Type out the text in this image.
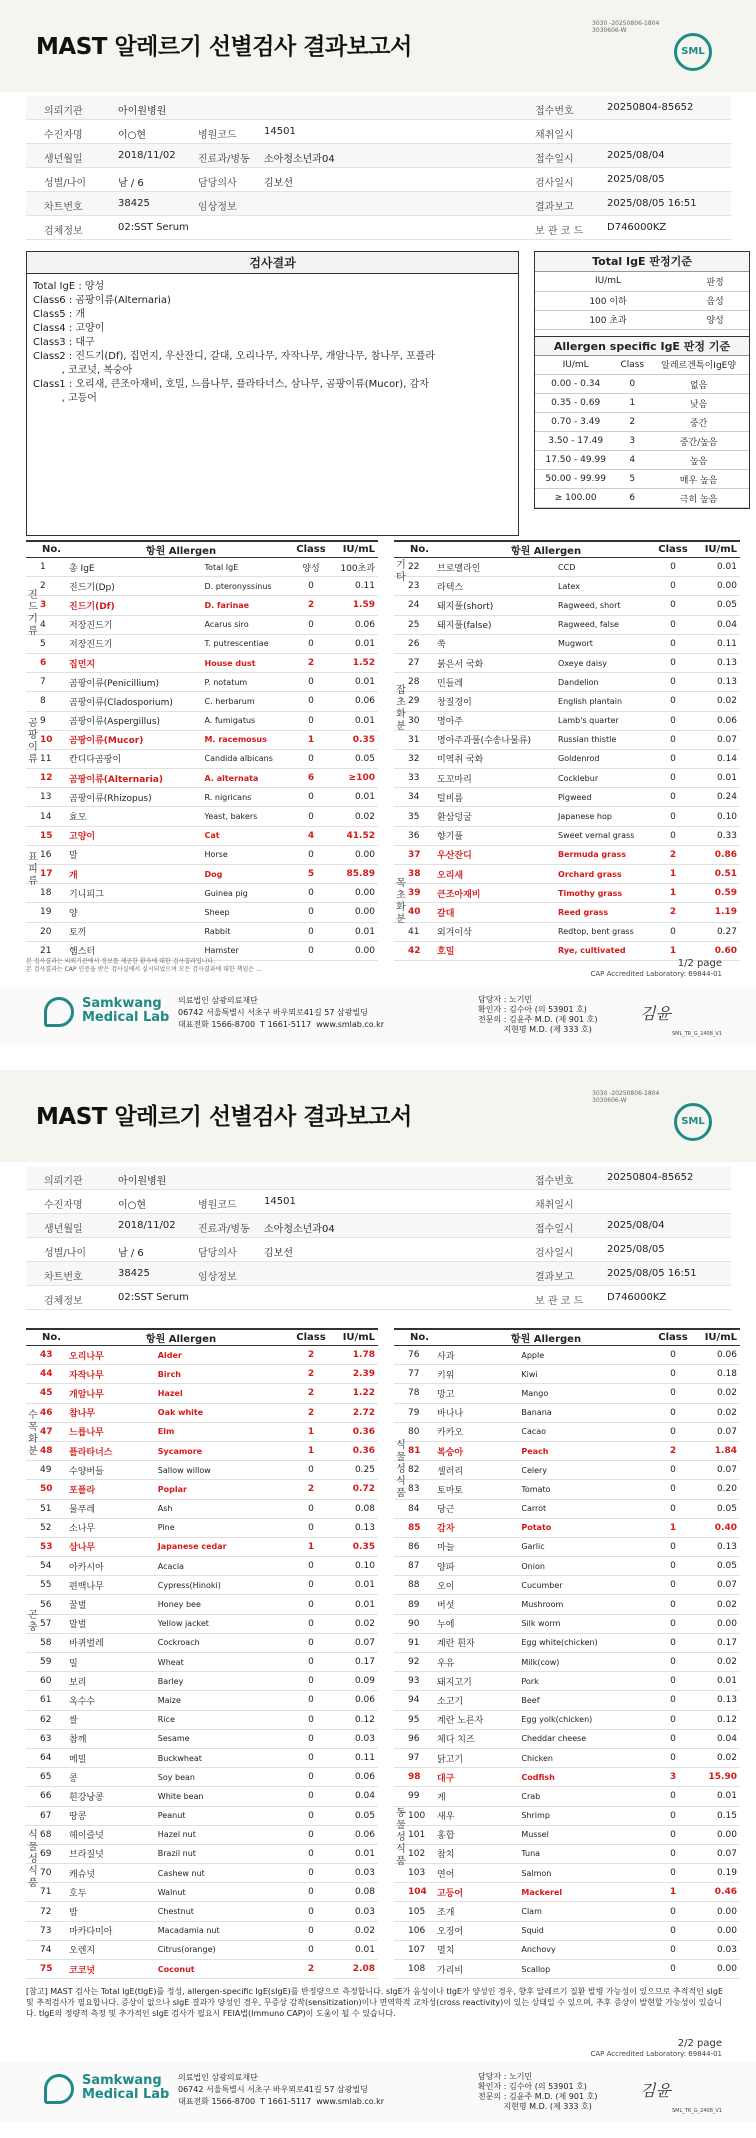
MAST 알레르기 선별검사 결과보고서
3030 -20250806-1804
3030606-W
SML
의뢰기관	아이원병원	접수번호	20250804-85652
수진자명	이○현	병원코드	14501	채취일시
생년월일	2018/11/02 진료과/병동 소아청소년과04	접수일시	2025/08/04
성별/나이	남 / 6	담당의사	김보선	검사일시	2025/08/05
차트번호	38425	임상정보	결과보고	2025/08/05 16:51
검체정보	02:SST Serum	보 관 코 드 D746000KZ
검사결과
Total IgE : 양성
Class6 : 곰팡이류(Alternaria)
Class5 : 개
Class4 : 고양이
Class3 : 대구
Class2 : 진드기(Df), 집먼지, 우산잔디, 갈대, 오리나무, 자작나무, 개암나무, 참나무, 포플라
, 코코넛, 복숭아
Class1 : 오리새, 큰조아재비, 호밀, 느릅나무, 플라타너스, 삼나무, 곰팡이류(Mucor), 감자
, 고등어
Total IgE 판정기준
IU/mL	판정
100 이하	음성
100 초과	양성
Allergen specific IgE 판정 기준
IU/mL	Class	알레르겐특이IgE양
0.00 - 0.34	0	없음
0.35 - 0.69	1	낮음
0.70 - 3.49	2	중간
3.50 - 17.49	3	중간/높음
17.50 - 49.99	4	높음
50.00 - 99.99	5	매우 높음
≥ 100.00	6	극히 높음
No.	항원 Allergen		Class	IU/mL
1	총 IgE	Total IgE	양성	100초과
2	진드기(Dp)	D. pteronyssinus	0	0.11
3	진드기(Df)	D. farinae	2	1.59
4	저장진드기	Acarus siro	0	0.06
5	저장진드기	T. putrescentiae	0	0.01
6	집먼지	House dust	2	1.52
7	곰팡이류(Penicillium)	P. notatum	0	0.01
8	곰팡이류(Cladosporium)	C. herbarum	0	0.06
9	곰팡이류(Aspergillus)	A. fumigatus	0	0.01
10	곰팡이류(Mucor)	M. racemosus	1	0.35
11	칸디다곰팡이	Candida albicans	0	0.05
12	곰팡이류(Alternaria)	A. alternata	6	≥100
13	곰팡이류(Rhizopus)	R. nigricans	0	0.01
14	효모	Yeast, bakers	0	0.02
15	고양이	Cat	4	41.52
16	말	Horse	0	0.00
17	개	Dog	5	85.89
18	기니피그	Guinea pig	0	0.00
19	양	Sheep	0	0.00
20	토끼	Rabbit	0	0.01
21	햄스터	Hamster	0	0.00
No.	항원 Allergen		Class	IU/mL
22	브로멜라인	CCD	0	0.01
23	라텍스	Latex	0	0.00
24	돼지풀(short)	Ragweed, short	0	0.05
25	돼지풀(false)	Ragweed, false	0	0.04
26	쑥	Mugwort	0	0.11
27	붉은서 국화	Oxeye daisy	0	0.13
28	민들레	Dandelion	0	0.13
29	창질경이	English plantain	0	0.02
30	명아주	Lamb's quarter	0	0.06
31	명아주과풀(수송나물류)	Russian thistle	0	0.07
32	미역취 국화	Goldenrod	0	0.14
33	도꼬마리	Cocklebur	0	0.01
34	털비름	Pigweed	0	0.24
35	환삼덩굴	Japanese hop	0	0.10
36	향기풀	Sweet vernal grass	0	0.33
37	우산잔디	Bermuda grass	2	0.86
38	오리새	Orchard grass	1	0.51
39	큰조아재비	Timothy grass	1	0.59
40	갈대	Reed grass	2	1.19
41	외겨이삭	Redtop, bent grass	0	0.27
42	호밀	Rye, cultivated	1	0.60
진드기류
곰팡이류
표피류
기타
잡초화분
목초화분
본 검사결과는 의뢰기관에서 정보를 제공한 환자에 대한 검사결과입니다.
본 검사결과는 CAP 인증을 받은 검사실에서 실시되었으며 모든 검사결과에 대한 책임은 ...
1/2 page
CAP Accredited Laboratory: 69844-01
Samkwang
Medical Lab
의료법인 삼광의료재단
06742 서울특별시 서초구 바우뫼로41길 57 삼광빌딩
대표전화 1566-8700  T 1661-5117  www.smlab.co.kr
담당자 : 노기민
확인자 : 김수아 (의 53901 호)
전문의 : 김윤주 M.D. (제 901 호)
지현명 M.D. (제 333 호)
김윤
SML_TR_G_2408_V1
MAST 알레르기 선별검사 결과보고서
3030 -20250806-1804
3030606-W
SML
의뢰기관	아이원병원	접수번호	20250804-85652
수진자명	이○현	병원코드	14501	채취일시
생년월일	2018/11/02 진료과/병동 소아청소년과04	접수일시	2025/08/04
성별/나이	남 / 6	담당의사	김보선	검사일시	2025/08/05
차트번호	38425	임상정보	결과보고	2025/08/05 16:51
검체정보	02:SST Serum	보 관 코 드 D746000KZ
No.	항원 Allergen		Class	IU/mL
43	오리나무	Alder	2	1.78
44	자작나무	Birch	2	2.39
45	개암나무	Hazel	2	1.22
46	참나무	Oak white	2	2.72
47	느릅나무	Elm	1	0.36
48	플라타너스	Sycamore	1	0.36
49	수양버들	Sallow willow	0	0.25
50	포플라	Poplar	2	0.72
51	물푸레	Ash	0	0.08
52	소나무	Pine	0	0.13
53	삼나무	Japanese cedar	1	0.35
54	아카시아	Acacia	0	0.10
55	편백나무	Cypress(Hinoki)	0	0.01
56	꿀벌	Honey bee	0	0.01
57	말벌	Yellow jacket	0	0.02
58	바퀴벌레	Cockroach	0	0.07
59	밀	Wheat	0	0.17
60	보리	Barley	0	0.09
61	옥수수	Maize	0	0.06
62	쌀	Rice	0	0.12
63	참깨	Sesame	0	0.03
64	메밀	Buckwheat	0	0.11
65	콩	Soy bean	0	0.06
66	흰강낭콩	White bean	0	0.04
67	땅콩	Peanut	0	0.05
68	헤이즐넛	Hazel nut	0	0.06
69	브라질넛	Brazil nut	0	0.01
70	캐슈넛	Cashew nut	0	0.03
71	호두	Walnut	0	0.08
72	밤	Chestnut	0	0.03
73	마카다미아	Macadamia nut	0	0.02
74	오렌지	Citrus(orange)	0	0.01
75	코코넛	Coconut	2	2.08
No.	항원 Allergen		Class	IU/mL
76	사과	Apple	0	0.06
77	키위	Kiwi	0	0.18
78	망고	Mango	0	0.02
79	바나나	Banana	0	0.02
80	카카오	Cacao	0	0.07
81	복숭아	Peach	2	1.84
82	셀러리	Celery	0	0.07
83	토마토	Tomato	0	0.20
84	당근	Carrot	0	0.05
85	감자	Potato	1	0.40
86	마늘	Garlic	0	0.13
87	양파	Onion	0	0.05
88	오이	Cucumber	0	0.07
89	버섯	Mushroom	0	0.02
90	누에	Silk worm	0	0.00
91	계란 흰자	Egg white(chicken)	0	0.17
92	우유	Milk(cow)	0	0.02
93	돼지고기	Pork	0	0.01
94	소고기	Beef	0	0.13
95	계란 노른자	Egg yolk(chicken)	0	0.12
96	체다 치즈	Cheddar cheese	0	0.04
97	닭고기	Chicken	0	0.02
98	대구	Codfish	3	15.90
99	게	Crab	0	0.01
100	새우	Shrimp	0	0.15
101	홍합	Mussel	0	0.00
102	참치	Tuna	0	0.07
103	연어	Salmon	0	0.19
104	고등어	Mackerel	1	0.46
105	조개	Clam	0	0.00
106	오징어	Squid	0	0.00
107	멸치	Anchovy	0	0.03
108	가리비	Scallop	0	0.00
수목화분
곤충
식물성식품
식물성식품
동물성식품
[참고] MAST 검사는 Total IgE(tIgE)를 정성, allergen-specific IgE(sIgE)를 반정량으로 측정합니다. sIgE가 음성이나 tIgE가 양성인 경우, 향후 알레르기 질환 발병 가능성이 있으므로 추적적인 sIgE 및 추적검사가 필요합니다. 증상이 없으나 sIgE 결과가 양성인 경우, 무증상 감작(sensitization)이나 면역학적 교차성(cross reactivity)이 있는 상태일 수 있으며, 추후 증상이 발현할 가능성이 있습니다. tIgE의 정량적 측정 및 추가적인 sIgE 검사가 필요시 FEIA법(Immuno CAP)이 도움이 될 수 있습니다.
2/2 page
CAP Accredited Laboratory: 69844-01
Samkwang
Medical Lab
의료법인 삼광의료재단
06742 서울특별시 서초구 바우뫼로41길 57 삼광빌딩
대표전화 1566-8700  T 1661-5117  www.smlab.co.kr
담당자 : 노기민
확인자 : 김수아 (의 53901 호)
전문의 : 김윤주 M.D. (제 901 호)
지현명 M.D. (제 333 호)
김윤
SML_TR_G_2408_V1
